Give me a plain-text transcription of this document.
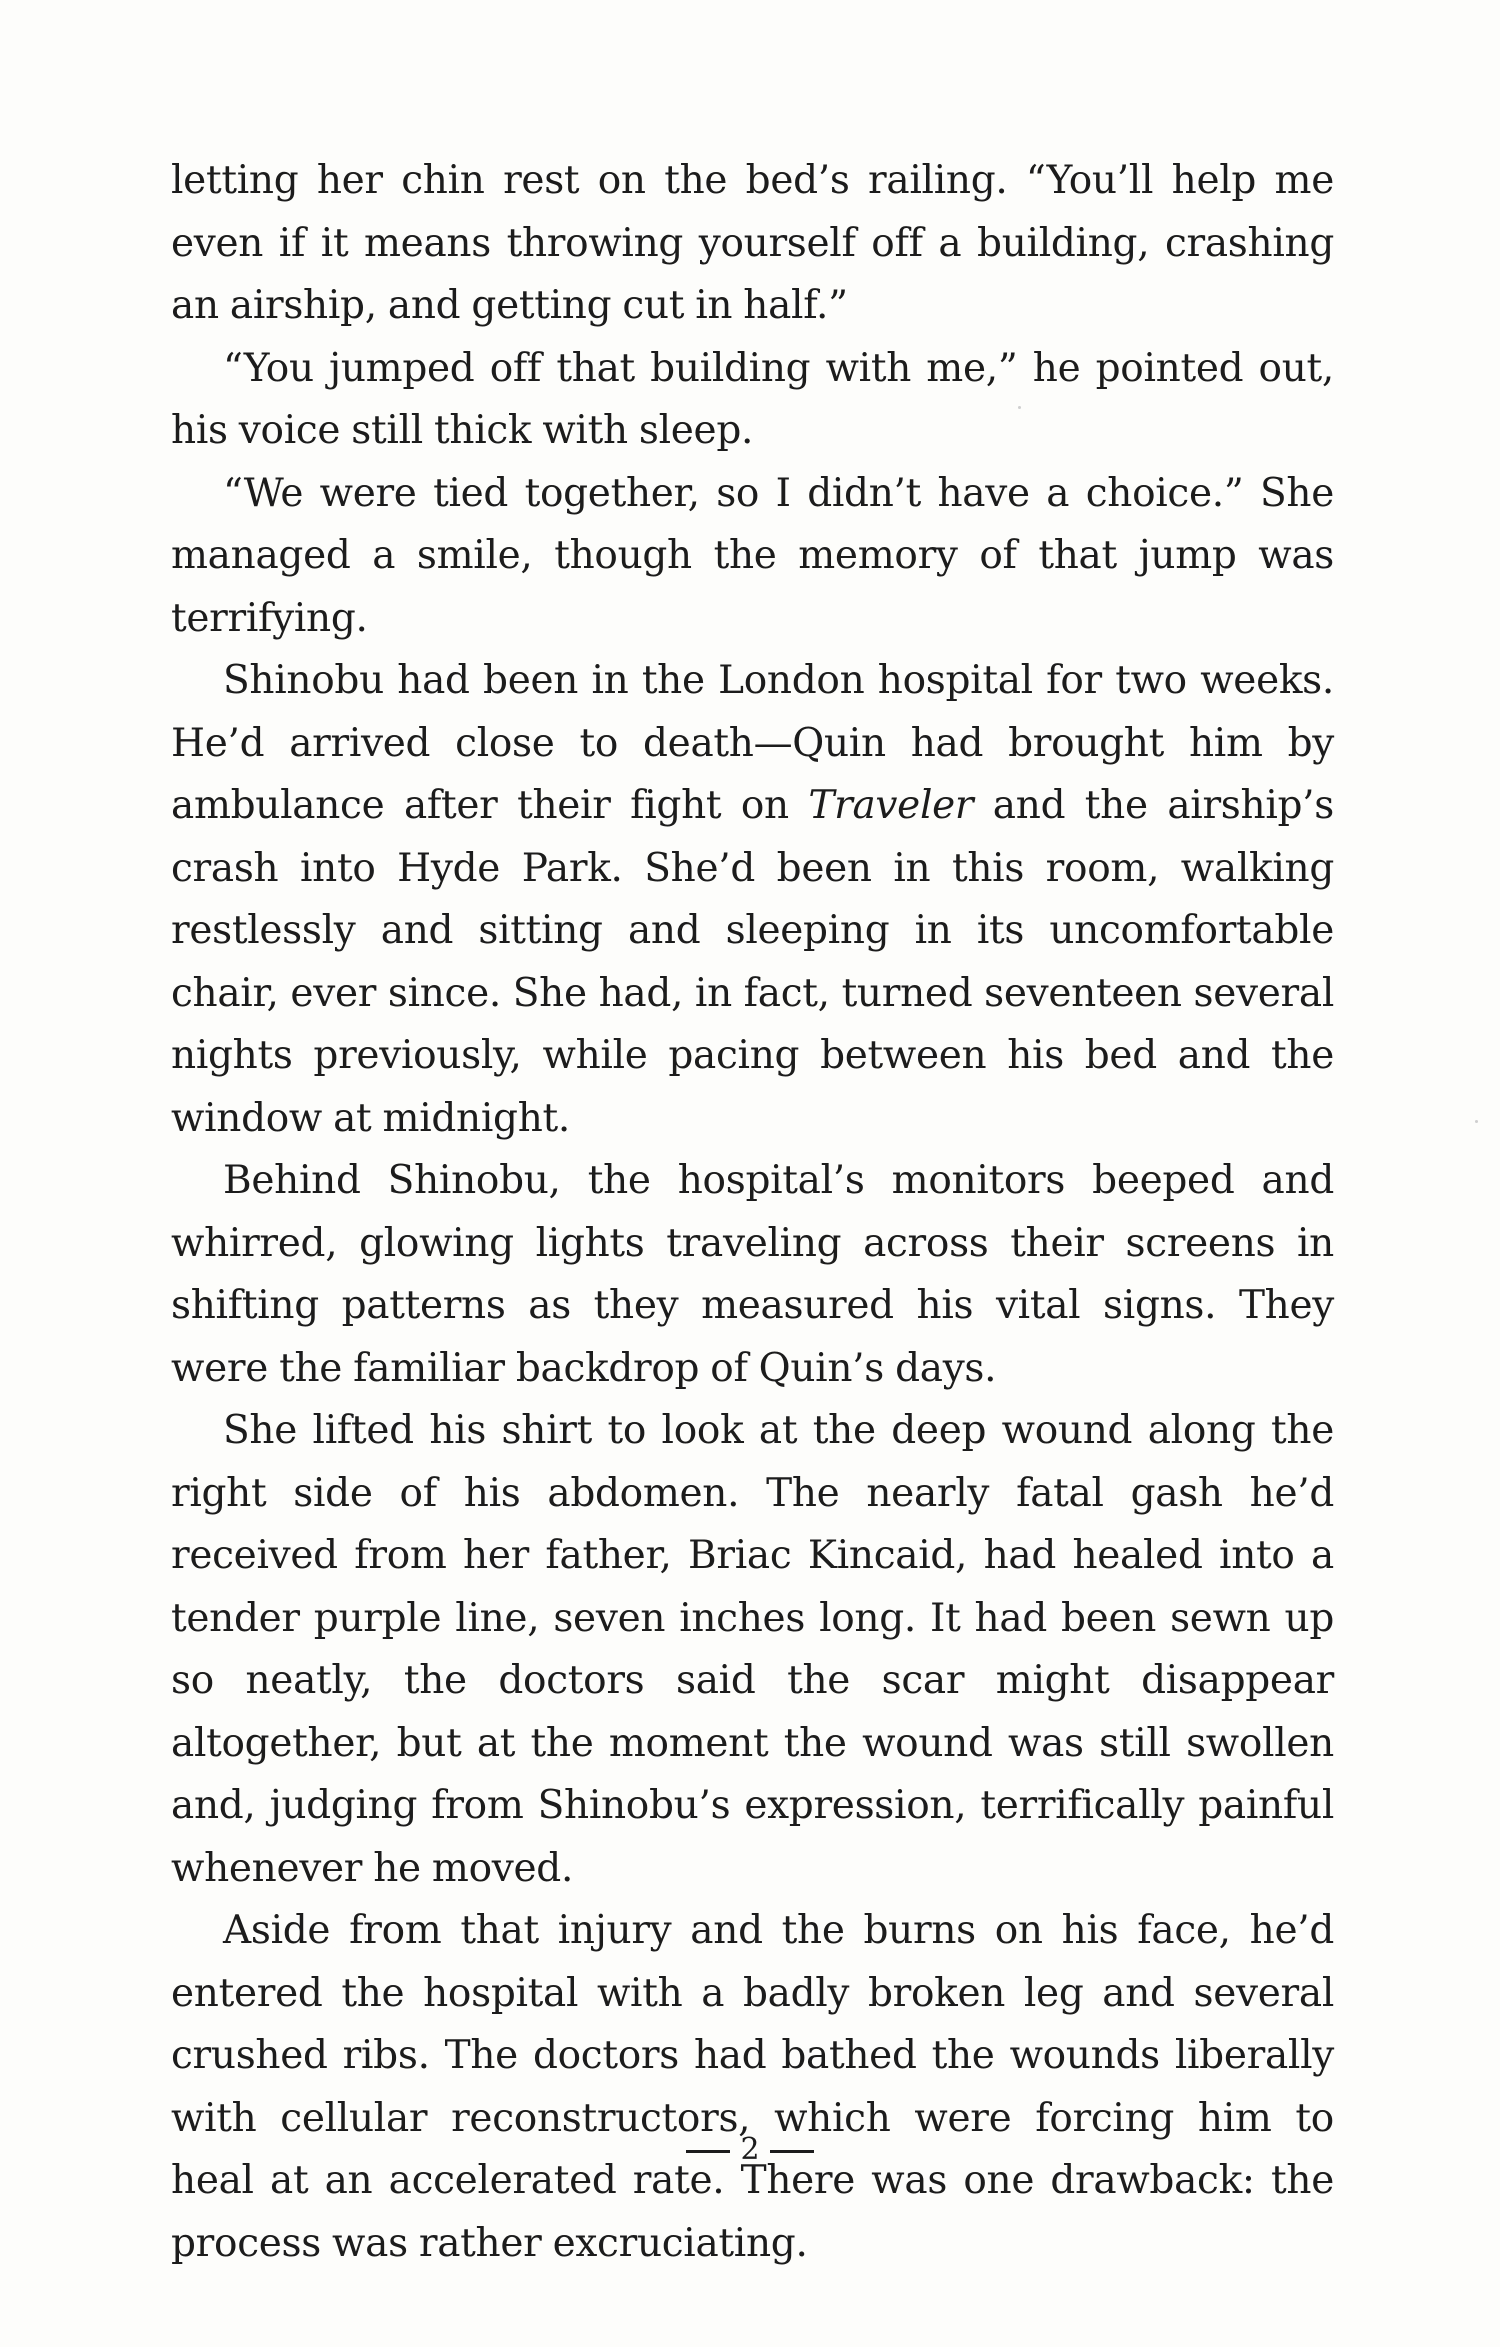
letting her chin rest on the bed’s railing. “You’ll help me even if it means throwing yourself off a building, crashing an airship, and getting cut in half.”

“You jumped off that building with me,” he pointed out, his voice still thick with sleep.

“We were tied together, so I didn’t have a choice.” She managed a smile, though the memory of that jump was terrifying.

Shinobu had been in the London hospital for two weeks. He’d arrived close to death—Quin had brought him by ambulance after their fight on Traveler and the airship’s crash into Hyde Park. She’d been in this room, walking restlessly and sitting and sleeping in its uncomfortable chair, ever since. She had, in fact, turned seventeen several nights previously, while pacing between his bed and the window at midnight.

Behind Shinobu, the hospital’s monitors beeped and whirred, glowing lights traveling across their screens in shifting patterns as they measured his vital signs. They were the familiar backdrop of Quin’s days.

She lifted his shirt to look at the deep wound along the right side of his abdomen. The nearly fatal gash he’d received from her father, Briac Kincaid, had healed into a tender purple line, seven inches long. It had been sewn up so neatly, the doctors said the scar might disappear altogether, but at the moment the wound was still swollen and, judging from Shinobu’s expression, terrifically painful whenever he moved.

Aside from that injury and the burns on his face, he’d entered the hospital with a badly broken leg and several crushed ribs. The doctors had bathed the wounds liberally with cellular reconstructors, which were forcing him to heal at an accelerated rate. There was one drawback: the process was rather excruciating.

2
